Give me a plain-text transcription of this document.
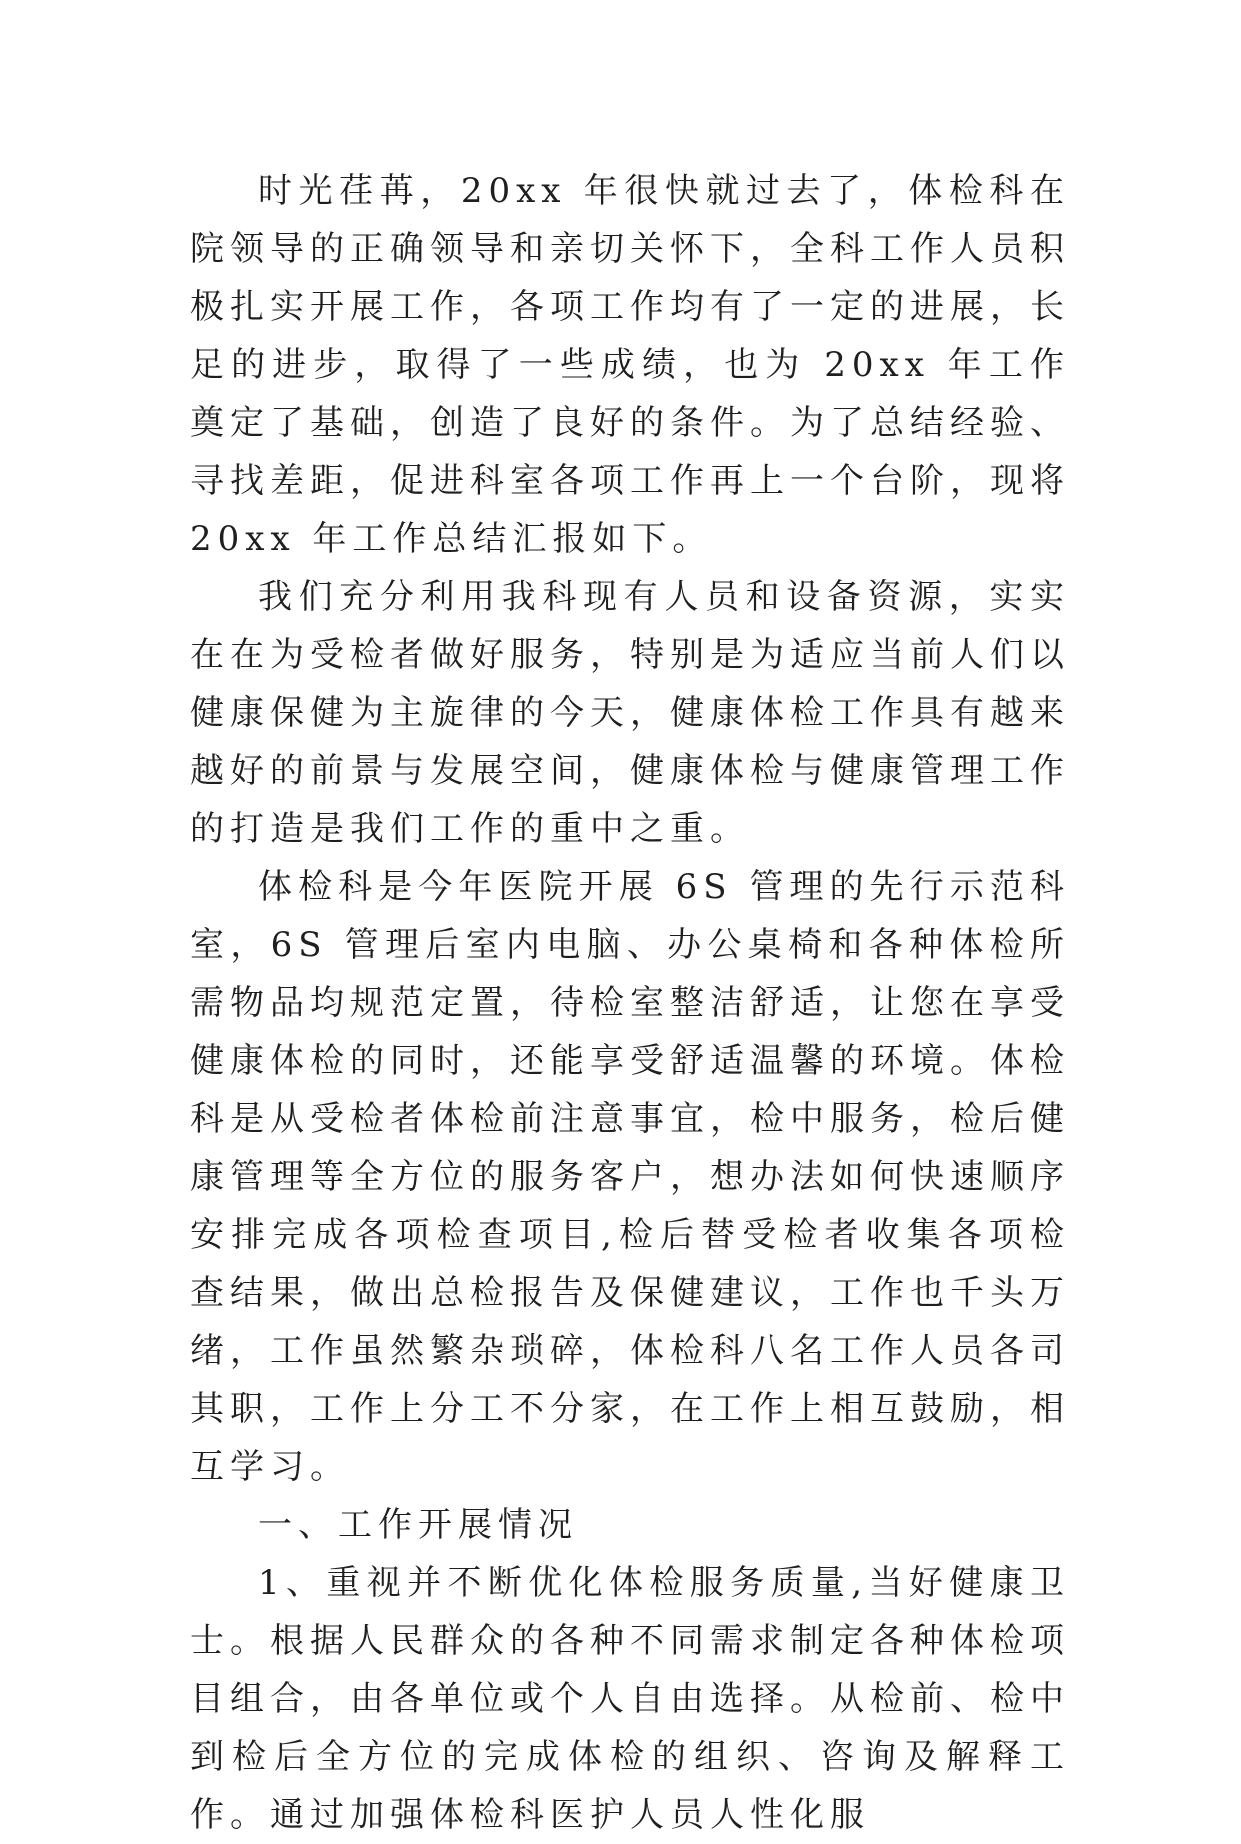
时光荏苒，20xx 年很快就过去了，体检科在院领导的正确领导和亲切关怀下，全科工作人员积极扎实开展工作，各项工作均有了一定的进展，长足的进步，取得了一些成绩，也为 20xx 年工作奠定了基础，创造了良好的条件。为了总结经验、寻找差距，促进科室各项工作再上一个台阶，现将20xx 年工作总结汇报如下。

我们充分利用我科现有人员和设备资源，实实在在为受检者做好服务，特别是为适应当前人们以健康保健为主旋律的今天，健康体检工作具有越来越好的前景与发展空间，健康体检与健康管理工作的打造是我们工作的重中之重。

体检科是今年医院开展 6S 管理的先行示范科室，6S 管理后室内电脑、办公桌椅和各种体检所需物品均规范定置，待检室整洁舒适，让您在享受健康体检的同时，还能享受舒适温馨的环境。体检科是从受检者体检前注意事宜，检中服务，检后健康管理等全方位的服务客户，想办法如何快速顺序安排完成各项检查项目,检后替受检者收集各项检查结果，做出总检报告及保健建议，工作也千头万绪，工作虽然繁杂琐碎，体检科八名工作人员各司其职，工作上分工不分家，在工作上相互鼓励，相互学习。

一、工作开展情况

1、重视并不断优化体检服务质量,当好健康卫士。根据人民群众的各种不同需求制定各种体检项目组合，由各单位或个人自由选择。从检前、检中到检后全方位的完成体检的组织、咨询及解释工作。通过加强体检科医护人员人性化服
